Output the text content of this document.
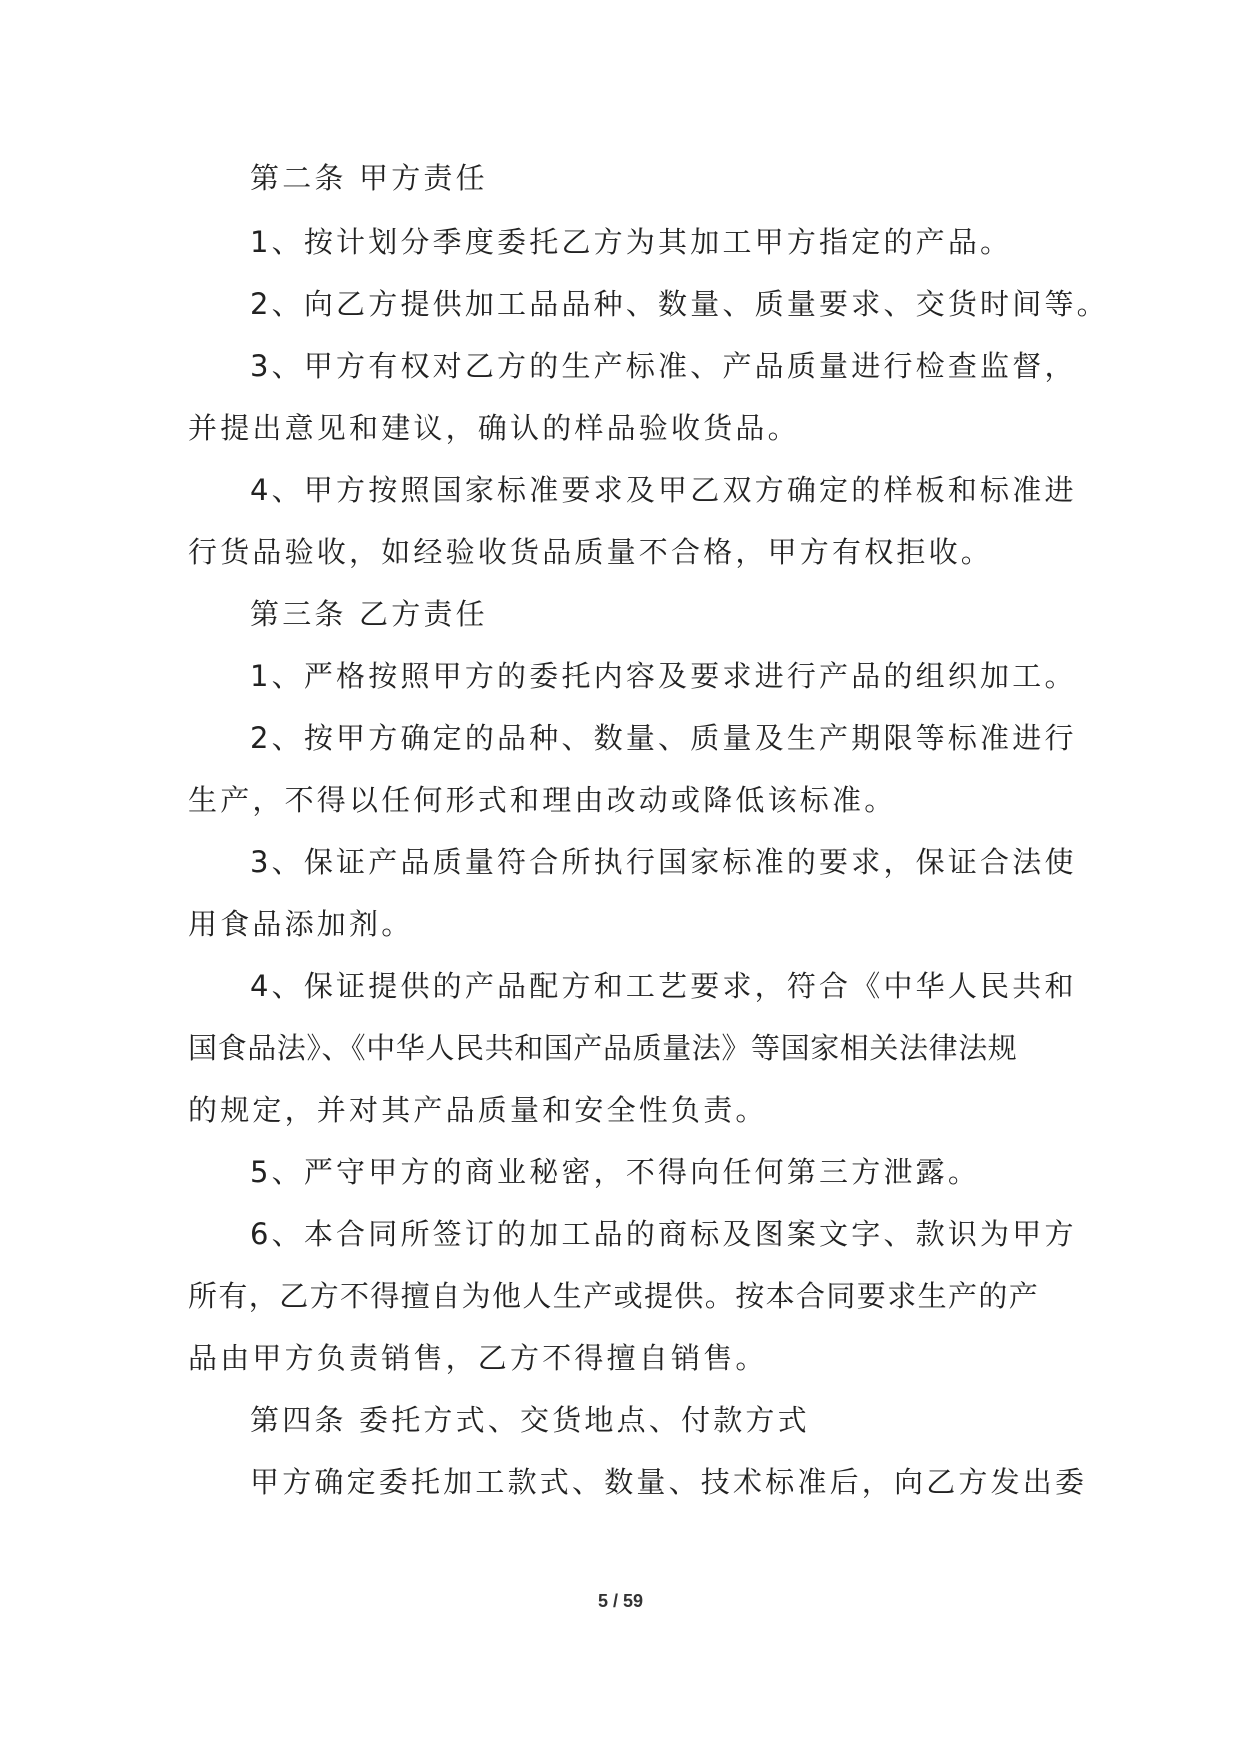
第二条 甲方责任

1、按计划分季度委托乙方为其加工甲方指定的产品。

2、向乙方提供加工品品种、数量、质量要求、交货时间等。

3、甲方有权对乙方的生产标准、产品质量进行检查监督，

并提出意见和建议，确认的样品验收货品。

4、甲方按照国家标准要求及甲乙双方确定的样板和标准进

行货品验收，如经验收货品质量不合格，甲方有权拒收。

第三条 乙方责任

1、严格按照甲方的委托内容及要求进行产品的组织加工。

2、按甲方确定的品种、数量、质量及生产期限等标准进行

生产，不得以任何形式和理由改动或降低该标准。

3、保证产品质量符合所执行国家标准的要求，保证合法使

用食品添加剂。

4、保证提供的产品配方和工艺要求，符合《中华人民共和

国食品法》、《中华人民共和国产品质量法》等国家相关法律法规

的规定，并对其产品质量和安全性负责。

5、严守甲方的商业秘密，不得向任何第三方泄露。

6、本合同所签订的加工品的商标及图案文字、款识为甲方

所有，乙方不得擅自为他人生产或提供。按本合同要求生产的产

品由甲方负责销售，乙方不得擅自销售。

第四条 委托方式、交货地点、付款方式

甲方确定委托加工款式、数量、技术标准后，向乙方发出委

5 / 59
